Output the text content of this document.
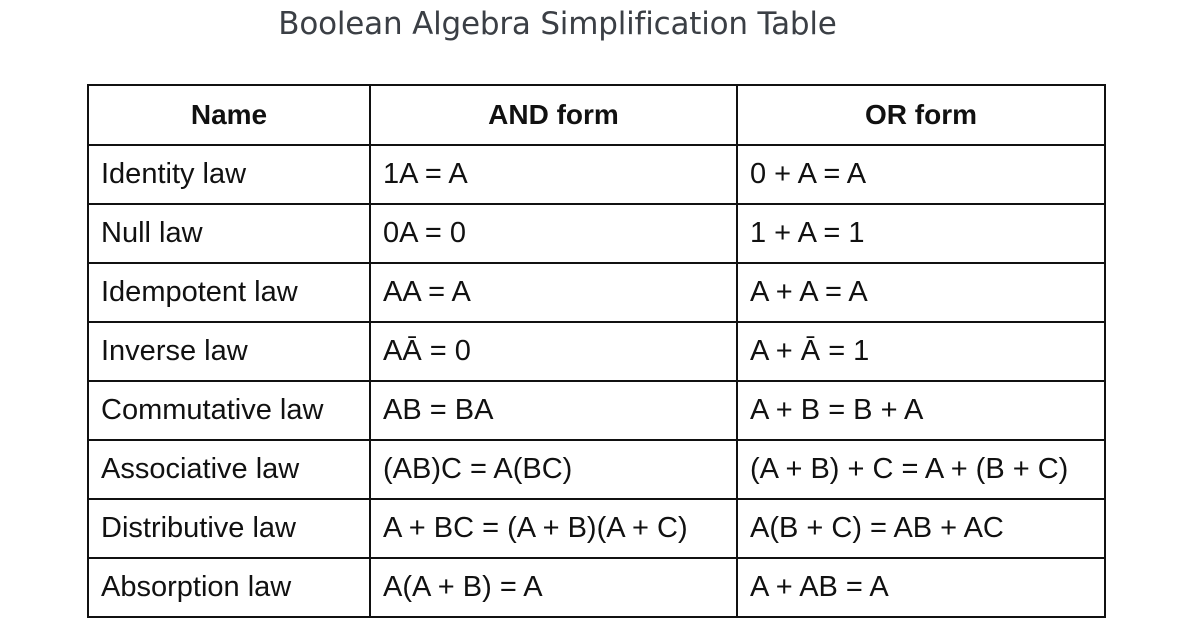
Boolean Algebra Simplification Table
Name	AND form	OR form
Identity law	1A = A	0 + A = A
Null law	0A = 0	1 + A = 1
Idempotent law	AA = A	A + A = A
Inverse law	AĀ = 0	A + Ā = 1
Commutative law	AB = BA	A + B = B + A
Associative law	(AB)C = A(BC)	(A + B) + C = A + (B + C)
Distributive law	A + BC = (A + B)(A + C)	A(B + C) = AB + AC
Absorption law	A(A + B) = A	A + AB = A
